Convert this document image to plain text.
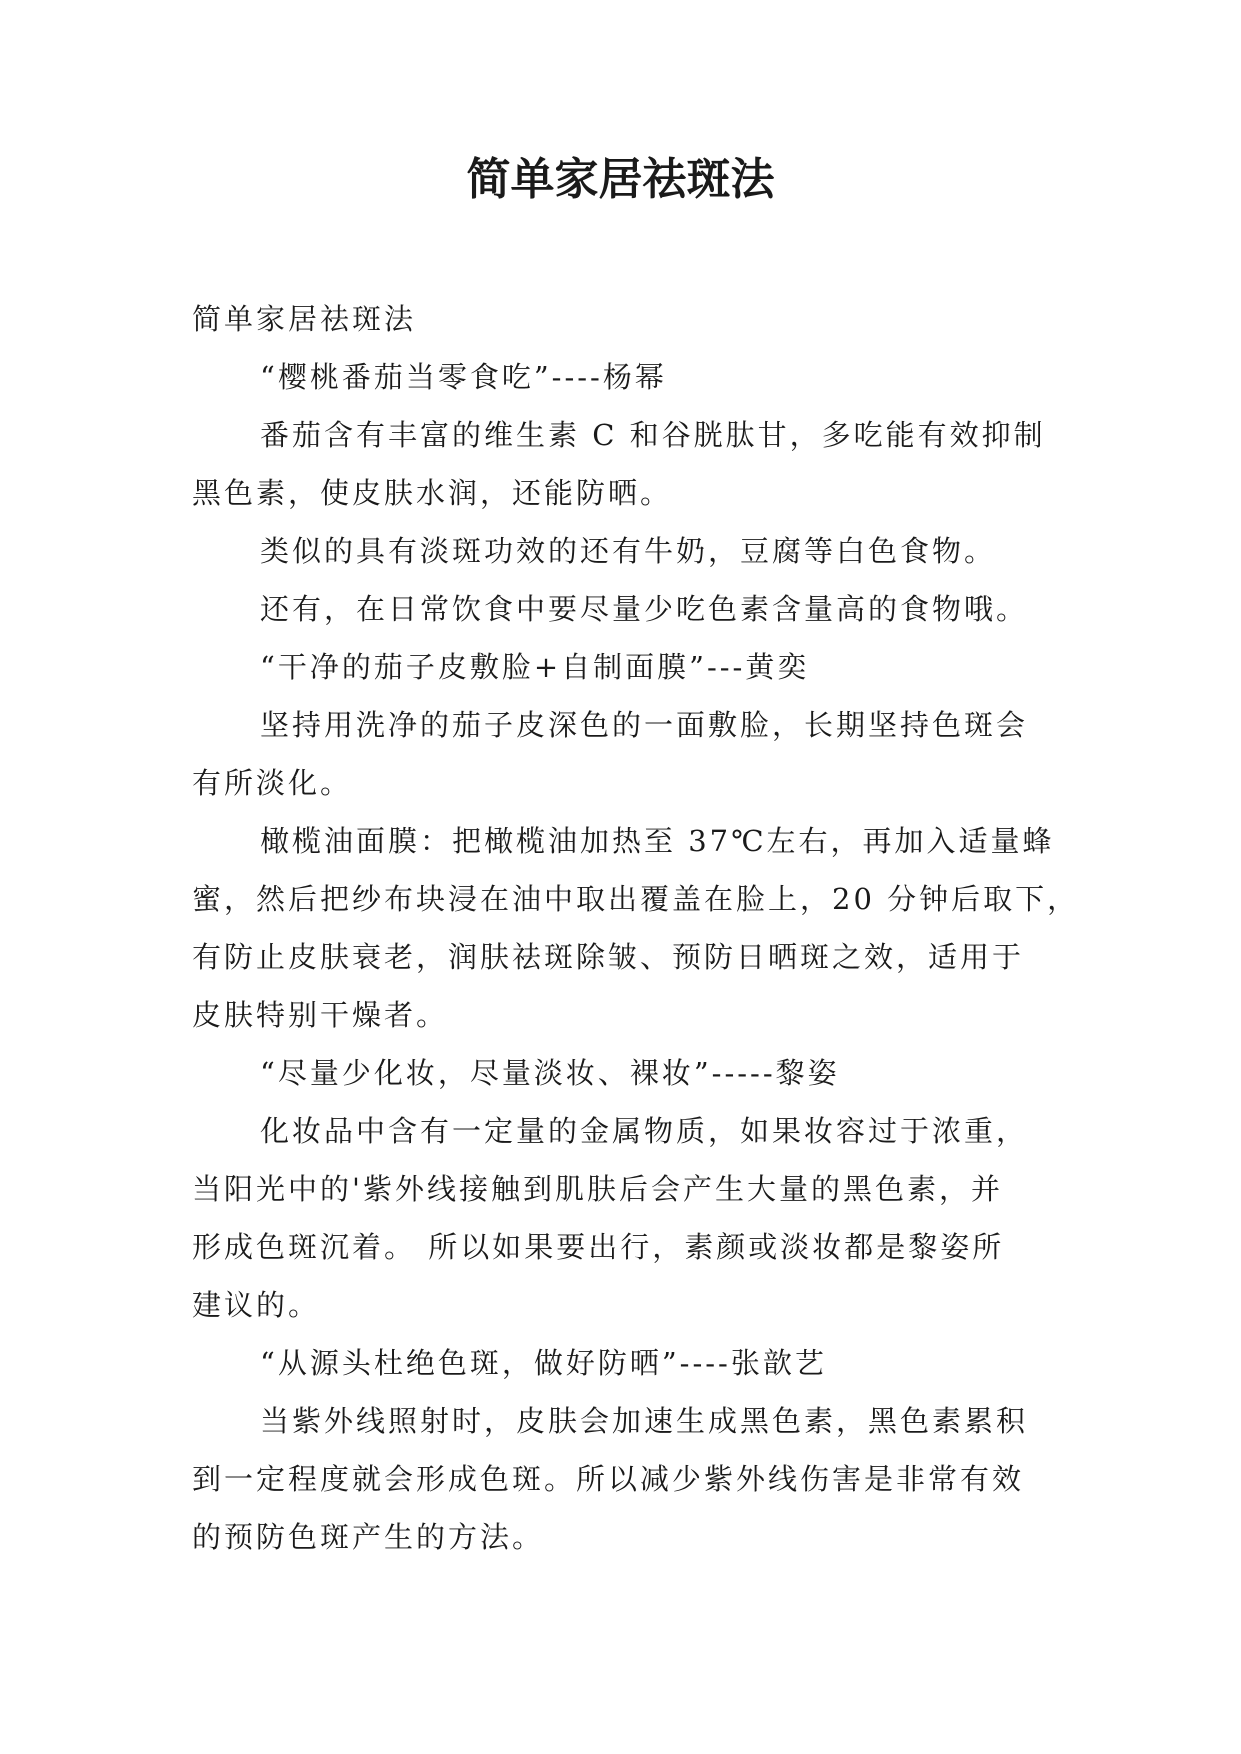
简单家居祛斑法

简单家居祛斑法

“樱桃番茄当零食吃”----杨幂

番茄含有丰富的维生素 C 和谷胱肽甘，多吃能有效抑制

黑色素，使皮肤水润，还能防晒。

类似的具有淡斑功效的还有牛奶，豆腐等白色食物。

还有，在日常饮食中要尽量少吃色素含量高的食物哦。

“干净的茄子皮敷脸+自制面膜”---黄奕

坚持用洗净的茄子皮深色的一面敷脸，长期坚持色斑会

有所淡化。

橄榄油面膜：把橄榄油加热至 37℃左右，再加入适量蜂

蜜，然后把纱布块浸在油中取出覆盖在脸上，20 分钟后取下，

有防止皮肤衰老，润肤祛斑除皱、预防日晒斑之效，适用于

皮肤特别干燥者。

“尽量少化妆，尽量淡妆、裸妆”-----黎姿

化妆品中含有一定量的金属物质，如果妆容过于浓重，

当阳光中的'紫外线接触到肌肤后会产生大量的黑色素，并

形成色斑沉着。 所以如果要出行，素颜或淡妆都是黎姿所

建议的。

“从源头杜绝色斑，做好防晒”----张歆艺

当紫外线照射时，皮肤会加速生成黑色素，黑色素累积

到一定程度就会形成色斑。所以减少紫外线伤害是非常有效

的预防色斑产生的方法。
